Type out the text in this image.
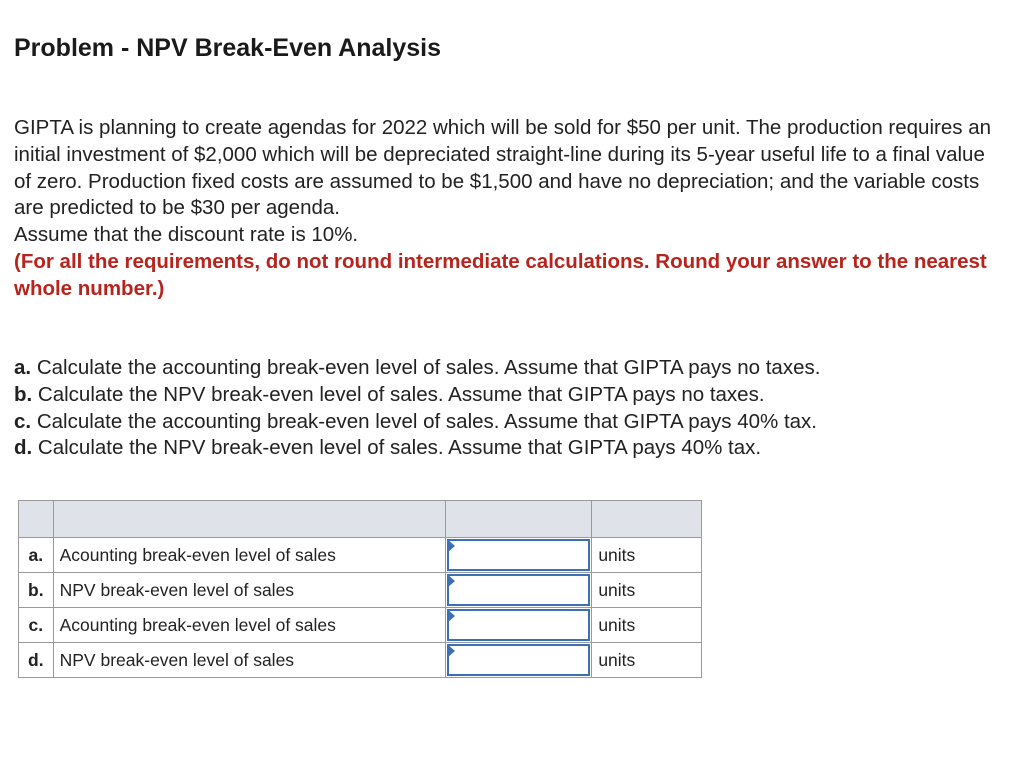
Problem - NPV Break-Even Analysis

GIPTA is planning to create agendas for 2022 which will be sold for $50 per unit. The production requires an initial investment of $2,000 which will be depreciated straight-line during its 5-year useful life to a final value of zero. Production fixed costs are assumed to be $1,500 and have no depreciation; and the variable costs are predicted to be $30 per agenda.

Assume that the discount rate is 10%.

(For all the requirements, do not round intermediate calculations. Round your answer to the nearest whole number.)

a. Calculate the accounting break-even level of sales. Assume that GIPTA pays no taxes.

b. Calculate the NPV break-even level of sales. Assume that GIPTA pays no taxes.

c. Calculate the accounting break-even level of sales. Assume that GIPTA pays 40% tax.

d. Calculate the NPV break-even level of sales. Assume that GIPTA pays 40% tax.

a.	Acounting break-even level of sales		units
b.	NPV break-even level of sales		units
c.	Acounting break-even level of sales		units
d.	NPV break-even level of sales		units
